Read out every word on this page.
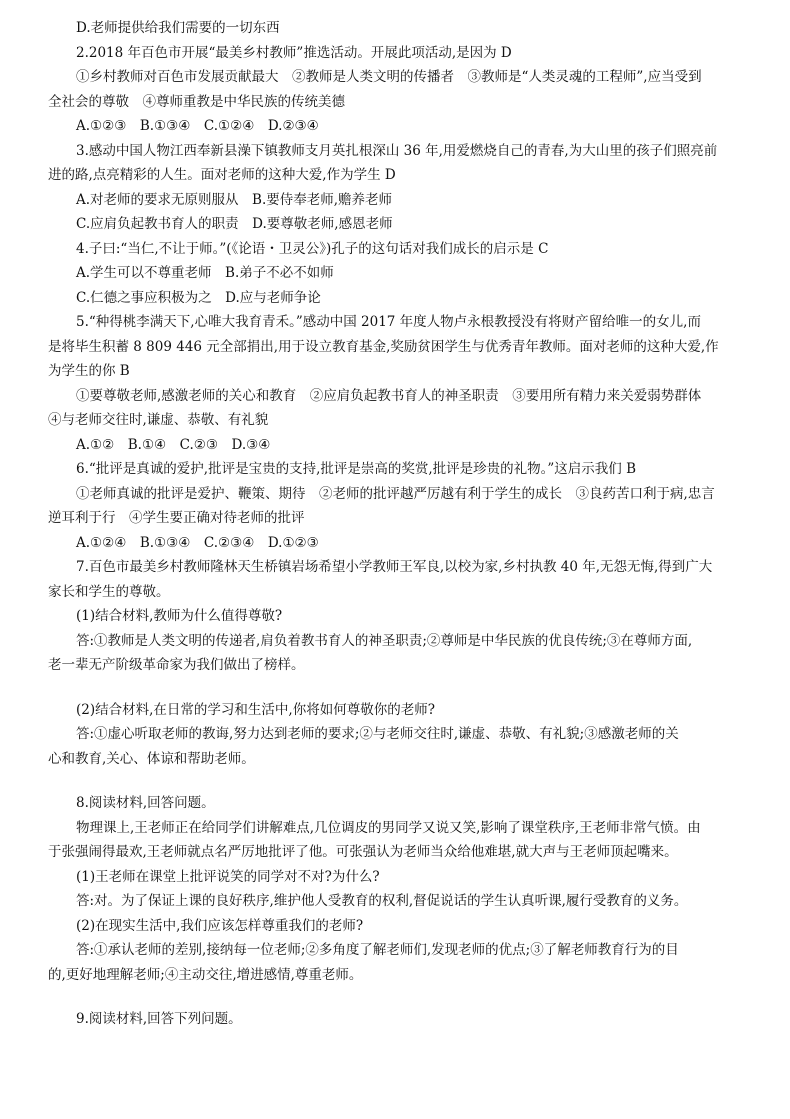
D.老师提供给我们需要的一切东西
2.2018 年百色市开展“最美乡村教师”推选活动。开展此项活动,是因为 D
①乡村教师对百色市发展贡献最大　②教师是人类文明的传播者　③教师是“人类灵魂的工程师”,应当受到
全社会的尊敬　④尊师重教是中华民族的传统美德
A.①②③　B.①③④　C.①②④　D.②③④
3.感动中国人物江西奉新县澡下镇教师支月英扎根深山 36 年,用爱燃烧自己的青春,为大山里的孩子们照亮前
进的路,点亮精彩的人生。面对老师的这种大爱,作为学生 D
A.对老师的要求无原则服从　B.要侍奉老师,赡养老师
C.应肩负起教书育人的职责　D.要尊敬老师,感恩老师
4.子曰:“当仁,不让于师。”(《论语・卫灵公》)孔子的这句话对我们成长的启示是 C
A.学生可以不尊重老师　B.弟子不必不如师
C.仁德之事应积极为之　D.应与老师争论
5.“种得桃李满天下,心唯大我育青禾。”感动中国 2017 年度人物卢永根教授没有将财产留给唯一的女儿,而
是将毕生积蓄 8 809 446 元全部捐出,用于设立教育基金,奖励贫困学生与优秀青年教师。面对老师的这种大爱,作
为学生的你 B
①要尊敬老师,感激老师的关心和教育　②应肩负起教书育人的神圣职责　③要用所有精力来关爱弱势群体
④与老师交往时,谦虚、恭敬、有礼貌
A.①②　B.①④　C.②③　D.③④
6.“批评是真诚的爱护,批评是宝贵的支持,批评是崇高的奖赏,批评是珍贵的礼物。”这启示我们 B
①老师真诚的批评是爱护、鞭策、期待　②老师的批评越严厉越有利于学生的成长　③良药苦口利于病,忠言
逆耳利于行　④学生要正确对待老师的批评
A.①②④　B.①③④　C.②③④　D.①②③
7.百色市最美乡村教师隆林天生桥镇岩场希望小学教师王军良,以校为家,乡村执教 40 年,无怨无悔,得到广大
家长和学生的尊敬。
(1)结合材料,教师为什么值得尊敬?
答:①教师是人类文明的传递者,肩负着教书育人的神圣职责;②尊师是中华民族的优良传统;③在尊师方面,
老一辈无产阶级革命家为我们做出了榜样。
(2)结合材料,在日常的学习和生活中,你将如何尊敬你的老师?
答:①虚心听取老师的教诲,努力达到老师的要求;②与老师交往时,谦虚、恭敬、有礼貌;③感激老师的关
心和教育,关心、体谅和帮助老师。
8.阅读材料,回答问题。
物理课上,王老师正在给同学们讲解难点,几位调皮的男同学又说又笑,影响了课堂秩序,王老师非常气愤。由
于张强闹得最欢,王老师就点名严厉地批评了他。可张强认为老师当众给他难堪,就大声与王老师顶起嘴来。
(1)王老师在课堂上批评说笑的同学对不对?为什么?
答:对。为了保证上课的良好秩序,维护他人受教育的权利,督促说话的学生认真听课,履行受教育的义务。
(2)在现实生活中,我们应该怎样尊重我们的老师?
答:①承认老师的差别,接纳每一位老师;②多角度了解老师们,发现老师的优点;③了解老师教育行为的目
的,更好地理解老师;④主动交往,增进感情,尊重老师。
9.阅读材料,回答下列问题。
